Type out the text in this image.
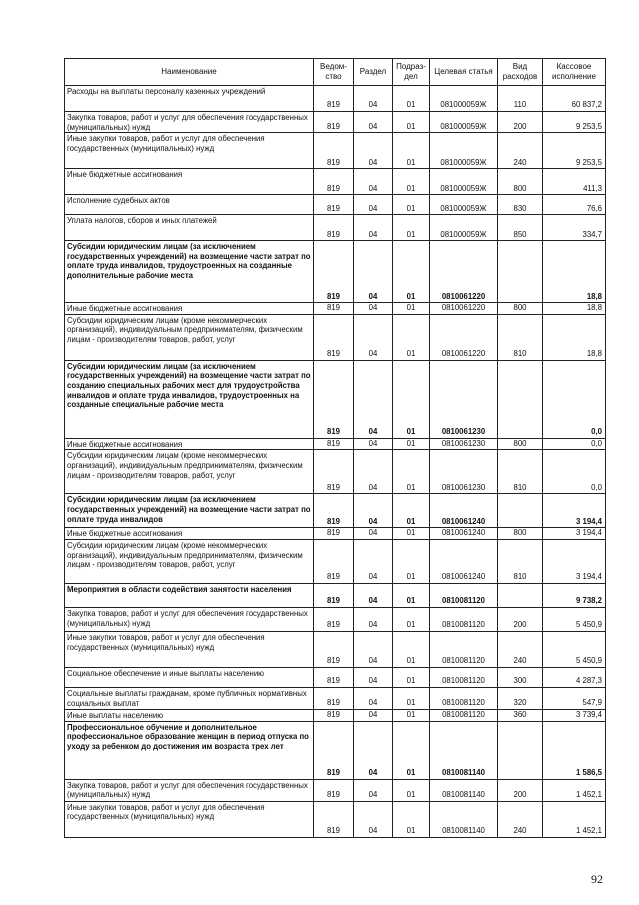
Наименование	Ведом-ство	Раздел	Подраз-дел	Целевая статья	Вид расходов	Кассовое исполнение
Расходы на выплаты персоналу казенных учреждений	819	04	01	081000059Ж	110	60 837,2
Закупка товаров, работ и услуг для обеспечения государственных (муниципальных) нужд	819	04	01	081000059Ж	200	9 253,5
Иные закупки товаров, работ и услуг для обеспечения государственных (муниципальных) нужд	819	04	01	081000059Ж	240	9 253,5
Иные бюджетные ассигнования	819	04	01	081000059Ж	800	411,3
Исполнение судебных актов	819	04	01	081000059Ж	830	76,6
Уплата налогов, сборов и иных платежей	819	04	01	081000059Ж	850	334,7
Субсидии юридическим лицам (за исключением государственных учреждений) на возмещение части затрат по оплате труда инвалидов, трудоустроенных на созданные дополнительные рабочие места	819	04	01	0810061220		18,8
Иные бюджетные ассигнования	819	04	01	0810061220	800	18,8
Субсидии юридическим лицам (кроме некоммерческих организаций), индивидуальным предпринимателям, физическим лицам - производителям товаров, работ, услуг	819	04	01	0810061220	810	18,8
Субсидии юридическим лицам (за исключением государственных учреждений) на возмещение части затрат по созданию специальных рабочих мест для трудоустройства инвалидов и оплате труда инвалидов, трудоустроенных на созданные специальные рабочие места	819	04	01	0810061230		0,0
Иные бюджетные ассигнования	819	04	01	0810061230	800	0,0
Субсидии юридическим лицам (кроме некоммерческих организаций), индивидуальным предпринимателям, физическим лицам - производителям товаров, работ, услуг	819	04	01	0810061230	810	0,0
Субсидии юридическим лицам (за исключением государственных учреждений) на возмещение части затрат по оплате труда инвалидов	819	04	01	0810061240		3 194,4
Иные бюджетные ассигнования	819	04	01	0810061240	800	3 194,4
Субсидии юридическим лицам (кроме некоммерческих организаций), индивидуальным предпринимателям, физическим лицам - производителям товаров, работ, услуг	819	04	01	0810061240	810	3 194,4
Мероприятия в области содействия занятости населения	819	04	01	0810081120		9 738,2
Закупка товаров, работ и услуг для обеспечения государственных (муниципальных) нужд	819	04	01	0810081120	200	5 450,9
Иные закупки товаров, работ и услуг для обеспечения государственных (муниципальных) нужд	819	04	01	0810081120	240	5 450,9
Социальное обеспечение и иные выплаты населению	819	04	01	0810081120	300	4 287,3
Социальные выплаты гражданам, кроме публичных нормативных социальных выплат	819	04	01	0810081120	320	547,9
Иные выплаты населению	819	04	01	0810081120	360	3 739,4
Профессиональное обучение и дополнительное профессиональное образование женщин в период отпуска по уходу за ребенком до достижения им возраста трех лет	819	04	01	0810081140		1 586,5
Закупка товаров, работ и услуг для обеспечения государственных (муниципальных) нужд	819	04	01	0810081140	200	1 452,1
Иные закупки товаров, работ и услуг для обеспечения государственных (муниципальных) нужд	819	04	01	0810081140	240	1 452,1
92
